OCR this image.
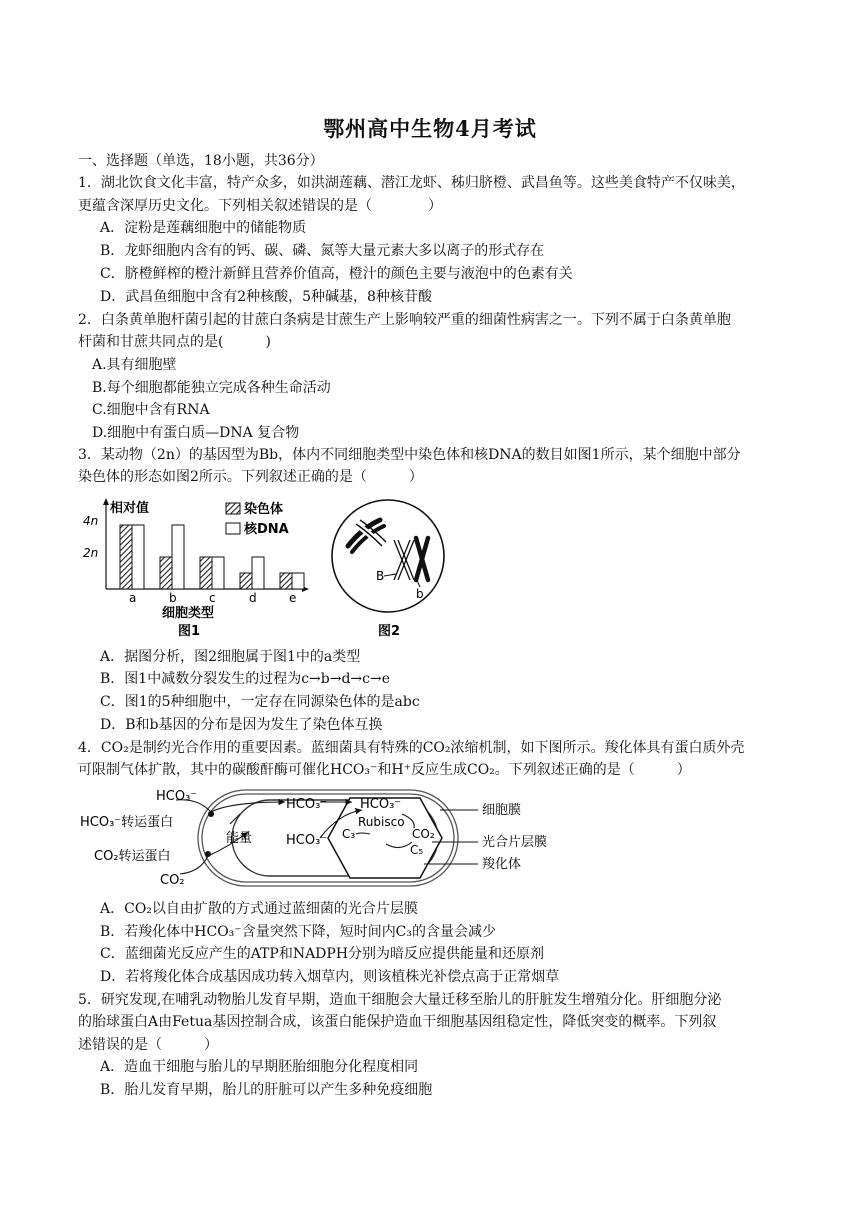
鄂州高中生物4月考试
一、选择题（单选，18小题，共36分）
1．湖北饮食文化丰富，特产众多，如洪湖莲藕、潜江龙虾、秭归脐橙、武昌鱼等。这些美食特产不仅味美，
更蕴含深厚历史文化。下列相关叙述错误的是（　　　　）
A．淀粉是莲藕细胞中的储能物质
B．龙虾细胞内含有的钙、碳、磷、氮等大量元素大多以离子的形式存在
C．脐橙鲜榨的橙汁新鲜且营养价值高，橙汁的颜色主要与液泡中的色素有关
D．武昌鱼细胞中含有2种核酸，5种碱基，8种核苷酸
2．白条黄单胞杆菌引起的甘蔗白条病是甘蔗生产上影响较严重的细菌性病害之一。下列不属于白条黄单胞
杆菌和甘蔗共同点的是(　　　)
A.具有细胞壁
B.每个细胞都能独立完成各种生命活动
C.细胞中含有RNA
D.细胞中有蛋白质—DNA 复合物
3．某动物（2n）的基因型为Bb，体内不同细胞类型中染色体和核DNA的数目如图1所示，某个细胞中部分
染色体的形态如图2所示。下列叙述正确的是（　　　）
相对值
4n
2n
染色体
核DNA
a	b	c	d	e
细胞类型
图1
B
b
图2
A．据图分析，图2细胞属于图1中的a类型
B．图1中减数分裂发生的过程为c→b→d→c→e
C．图1的5种细胞中，一定存在同源染色体的是abc
D．B和b基因的分布是因为发生了染色体互换
4．CO₂是制约光合作用的重要因素。蓝细菌具有特殊的CO₂浓缩机制，如下图所示。羧化体具有蛋白质外壳
可限制气体扩散，其中的碳酸酐酶可催化HCO₃⁻和H⁺反应生成CO₂。下列叙述正确的是（　　　）
HCO₃⁻
HCO₃⁻转运蛋白
CO₂转运蛋白
CO₂
能量
HCO₃⁻
HCO₃⁻
HCO₃⁻
Rubisco
C₃	CO₂
C₅
细胞膜
光合片层膜
羧化体
A．CO₂以自由扩散的方式通过蓝细菌的光合片层膜
B．若羧化体中HCO₃⁻含量突然下降，短时间内C₃的含量会减少
C．蓝细菌光反应产生的ATP和NADPH分别为暗反应提供能量和还原剂
D．若将羧化体合成基因成功转入烟草内，则该植株光补偿点高于正常烟草
5．研究发现,在哺乳动物胎儿发育早期，造血干细胞会大量迁移至胎儿的肝脏发生增殖分化。肝细胞分泌
的胎球蛋白A由Fetua基因控制合成，该蛋白能保护造血干细胞基因组稳定性，降低突变的概率。下列叙
述错误的是（　　　）
A．造血干细胞与胎儿的早期胚胎细胞分化程度相同
B．胎儿发育早期，胎儿的肝脏可以产生多种免疫细胞
